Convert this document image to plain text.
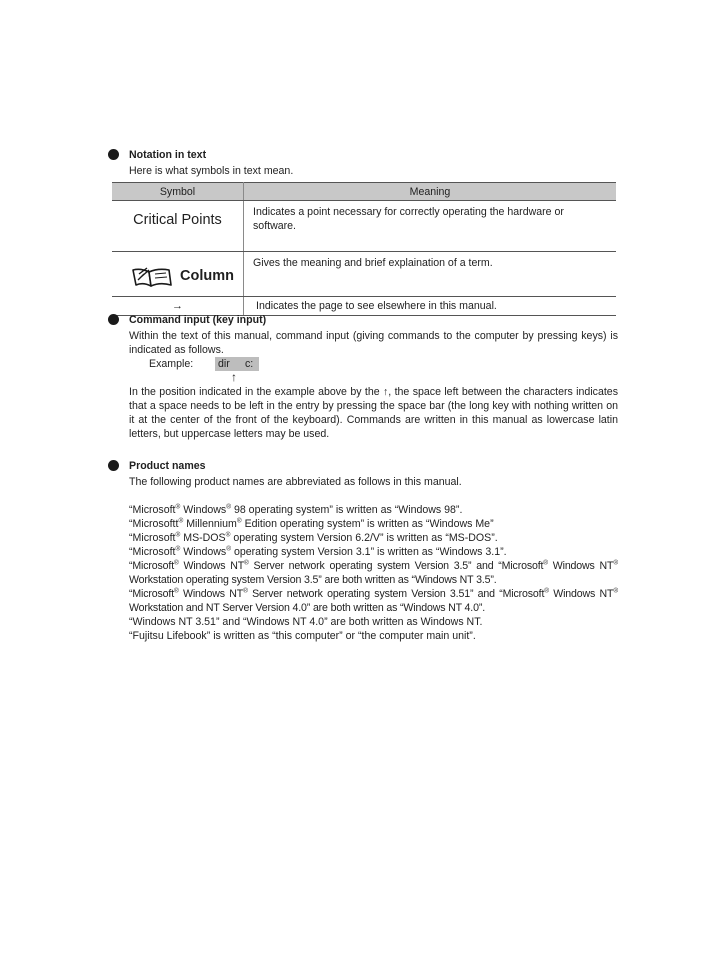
Notation in text
Here is what symbols in text mean.
Symbol	Meaning
Critical Points	Indicates a point necessary for correctly operating the hardware or software.

Column	Gives the meaning and brief explaination of a term.
→	Indicates the page to see elsewhere in this manual.
Command input (key input)
Within the text of this manual, command input (giving commands to the computer by pressing keys) is indicated as follows.
Example: dir c:
↑
In the position indicated in the example above by the ↑, the space left between the characters indicates that a space needs to be left in the entry by pressing the space bar (the long key with nothing written on it at the center of the front of the keyboard). Commands are written in this manual as lowercase latin letters, but uppercase letters may be used.
Product names
The following product names are abbreviated as follows in this manual.
“Microsoft® Windows® 98 operating system” is written as “Windows 98”.
“Microsoftt® Millennium® Edition operating system” is written as “Windows Me”
“Microsoft® MS-DOS® operating system Version 6.2/V” is written as “MS-DOS”.
“Microsoft® Windows® operating system Version 3.1” is written as “Windows 3.1”.
“Microsoft® Windows NT® Server network operating system Version 3.5” and “Microsoft® Windows NT® Workstation operating system Version 3.5” are both written as “Windows NT 3.5”.
“Microsoft® Windows NT® Server network operating system Version 3.51” and “Microsoft® Windows NT® Workstation and NT Server Version 4.0” are both written as “Windows NT 4.0”.
“Windows NT 3.51” and “Windows NT 4.0” are both written as Windows NT.
“Fujitsu Lifebook” is written as “this computer” or “the computer main unit”.
